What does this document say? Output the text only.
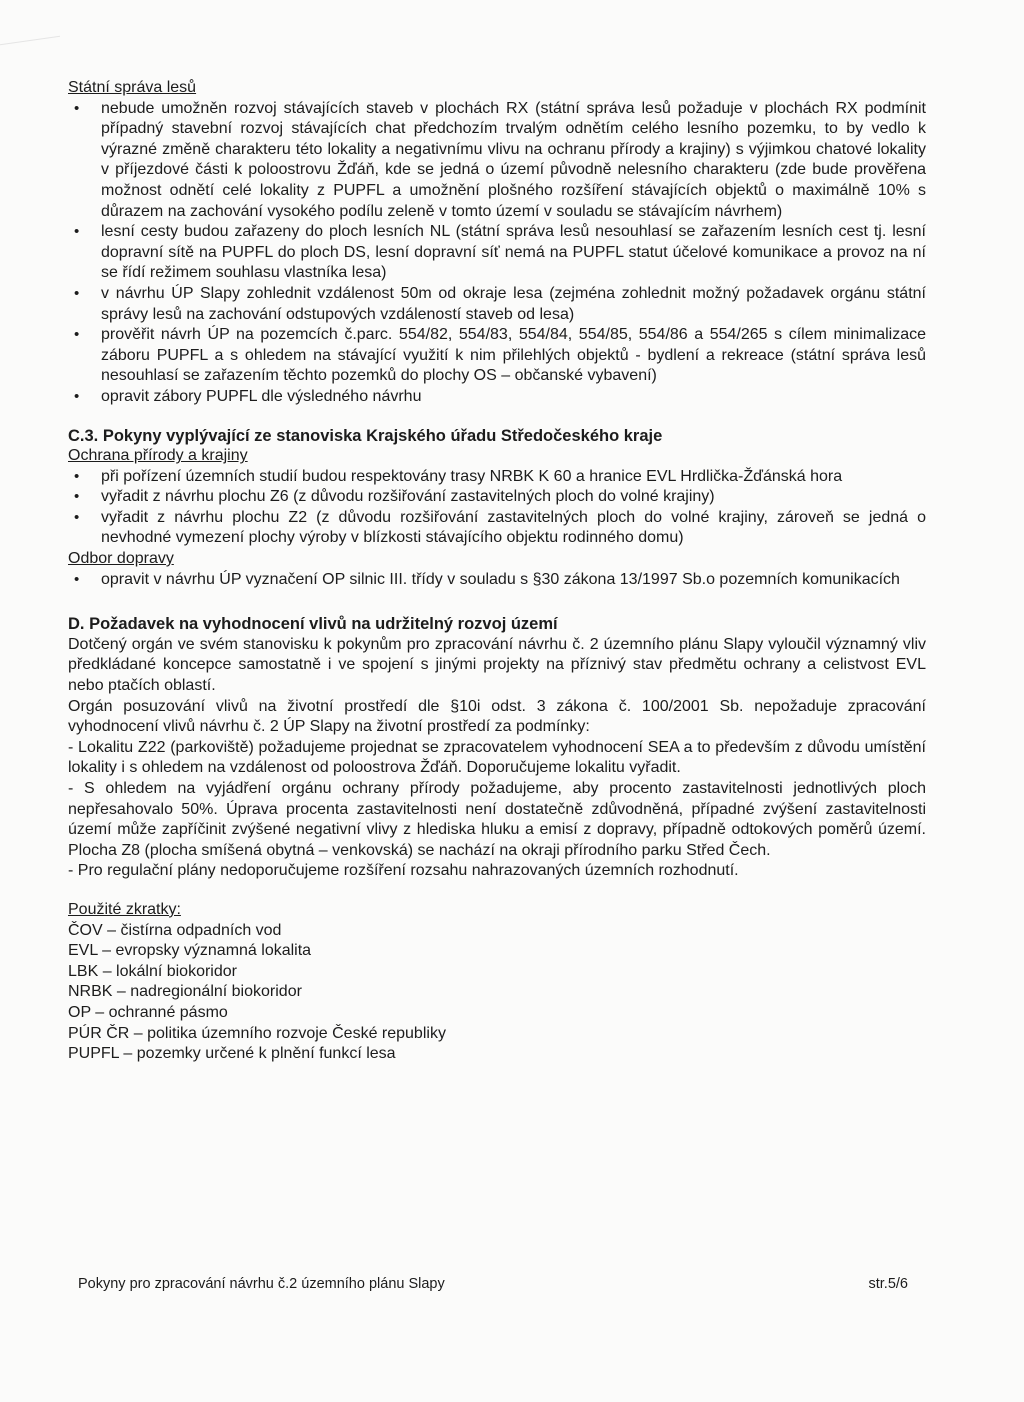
Státní správa lesů
• nebude umožněn rozvoj stávajících staveb v plochách RX (státní správa lesů požaduje v plochách RX podmínit případný stavební rozvoj stávajících chat předchozím trvalým odnětím celého lesního pozemku, to by vedlo k výrazné změně charakteru této lokality a negativnímu vlivu na ochranu přírody a krajiny) s výjimkou chatové lokality v příjezdové části k poloostrovu Žďáň, kde se jedná o území původně nelesního charakteru (zde bude prověřena možnost odnětí celé lokality z PUPFL a umožnění plošného rozšíření stávajících objektů o maximálně 10% s důrazem na zachování vysokého podílu zeleně v tomto území v souladu se stávajícím návrhem)
• lesní cesty budou zařazeny do ploch lesních NL (státní správa lesů nesouhlasí se zařazením lesních cest tj. lesní dopravní sítě na PUPFL do ploch DS, lesní dopravní síť nemá na PUPFL statut účelové komunikace a provoz na ní se řídí režimem souhlasu vlastníka lesa)
• v návrhu ÚP Slapy zohlednit vzdálenost 50m od okraje lesa (zejména zohlednit možný požadavek orgánu státní správy lesů na zachování odstupových vzdáleností staveb od lesa)
• prověřit návrh ÚP na pozemcích č.parc. 554/82, 554/83, 554/84, 554/85, 554/86 a 554/265 s cílem minimalizace záboru PUPFL a s ohledem na stávající využití k nim přilehlých objektů - bydlení a rekreace (státní správa lesů nesouhlasí se zařazením těchto pozemků do plochy OS – občanské vybavení)
• opravit zábory PUPFL dle výsledného návrhu
C.3. Pokyny vyplývající ze stanoviska Krajského úřadu Středočeského kraje
Ochrana přírody a krajiny
• při pořízení územních studií budou respektovány trasy NRBK K 60 a hranice EVL Hrdlička-Žďánská hora
• vyřadit z návrhu plochu Z6 (z důvodu rozšiřování zastavitelných ploch do volné krajiny)
• vyřadit z návrhu plochu Z2 (z důvodu rozšiřování zastavitelných ploch do volné krajiny, zároveň se jedná o nevhodné vymezení plochy výroby v blízkosti stávajícího objektu rodinného domu)
Odbor dopravy
• opravit v návrhu ÚP vyznačení OP silnic III. třídy v souladu s §30 zákona 13/1997 Sb.o pozemních komunikacích
D. Požadavek na vyhodnocení vlivů na udržitelný rozvoj území

Dotčený orgán ve svém stanovisku k pokynům pro zpracování návrhu č. 2 územního plánu Slapy vyloučil významný vliv předkládané koncepce samostatně i ve spojení s jinými projekty na příznivý stav předmětu ochrany a celistvost EVL nebo ptačích oblastí.

Orgán posuzování vlivů na životní prostředí dle §10i odst. 3 zákona č. 100/2001 Sb. nepožaduje zpracování vyhodnocení vlivů návrhu č. 2 ÚP Slapy na životní prostředí za podmínky:

- Lokalitu Z22 (parkoviště) požadujeme projednat se zpracovatelem vyhodnocení SEA a to především z důvodu umístění lokality i s ohledem na vzdálenost od poloostrova Žďáň. Doporučujeme lokalitu vyřadit.

- S ohledem na vyjádření orgánu ochrany přírody požadujeme, aby procento zastavitelnosti jednotlivých ploch nepřesahovalo 50%. Úprava procenta zastavitelnosti není dostatečně zdůvodněná, případné zvýšení zastavitelnosti území může zapříčinit zvýšené negativní vlivy z hlediska hluku a emisí z dopravy, případně odtokových poměrů území. Plocha Z8 (plocha smíšená obytná – venkovská) se nachází na okraji přírodního parku Střed Čech.

- Pro regulační plány nedoporučujeme rozšíření rozsahu nahrazovaných územních rozhodnutí.

Použité zkratky:
ČOV – čistírna odpadních vod
EVL – evropsky významná lokalita
LBK – lokální biokoridor
NRBK – nadregionální biokoridor
OP – ochranné pásmo
PÚR ČR – politika územního rozvoje České republiky
PUPFL – pozemky určené k plnění funkcí lesa
Pokyny pro zpracování návrhu č.2 územního plánu Slapy	str.5/6
